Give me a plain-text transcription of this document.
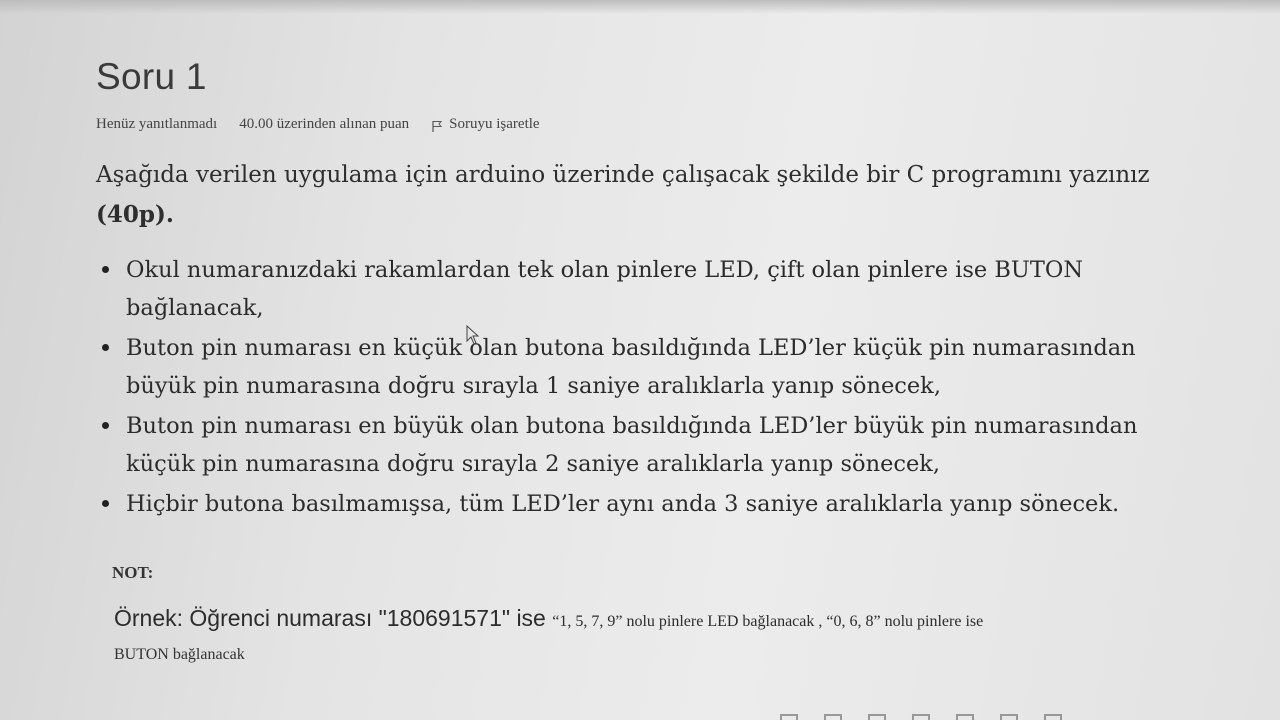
Soru 1
Henüz yanıtlanmadı 40.00 üzerinden alınan puan	Soruyu işaretle

Aşağıda verilen uygulama için arduino üzerinde çalışacak şekilde bir C programını yazınız
(40p).

Okul numaranızdaki rakamlardan tek olan pinlere LED, çift olan pinlere ise BUTON bağlanacak,
Buton pin numarası en küçük olan butona basıldığında LED’ler küçük pin numarasından büyük pin numarasına doğru sırayla 1 saniye aralıklarla yanıp sönecek,
Buton pin numarası en büyük olan butona basıldığında LED’ler büyük pin numarasından küçük pin numarasına doğru sırayla 2 saniye aralıklarla yanıp sönecek,
Hiçbir butona basılmamışsa, tüm LED’ler aynı anda 3 saniye aralıklarla yanıp sönecek.
NOT:
Örnek: Öğrenci numarası "180691571" ise “1, 5, 7, 9” nolu pinlere LED bağlanacak , “0, 6, 8” nolu pinlere ise
BUTON bağlanacak
